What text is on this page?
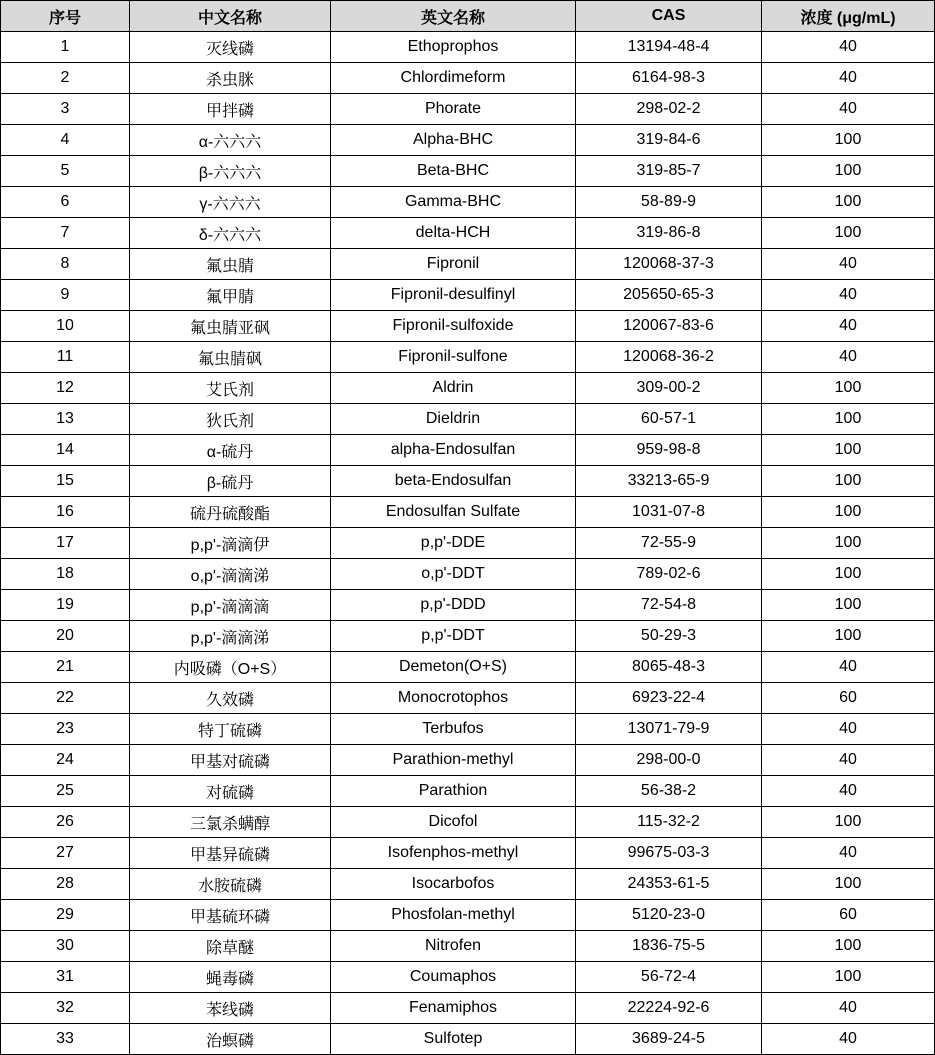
序号	中文名称	英文名称	CAS	浓度 (μg/mL)
1	灭线磷	Ethoprophos	13194-48-4	40
2	杀虫脒	Chlordimeform	6164-98-3	40
3	甲拌磷	Phorate	298-02-2	40
4	α-六六六	Alpha-BHC	319-84-6	100
5	β-六六六	Beta-BHC	319-85-7	100
6	γ-六六六	Gamma-BHC	58-89-9	100
7	δ-六六六	delta-HCH	319-86-8	100
8	氟虫腈	Fipronil	120068-37-3	40
9	氟甲腈	Fipronil-desulfinyl	205650-65-3	40
10	氟虫腈亚砜	Fipronil-sulfoxide	120067-83-6	40
11	氟虫腈砜	Fipronil-sulfone	120068-36-2	40
12	艾氏剂	Aldrin	309-00-2	100
13	狄氏剂	Dieldrin	60-57-1	100
14	α-硫丹	alpha-Endosulfan	959-98-8	100
15	β-硫丹	beta-Endosulfan	33213-65-9	100
16	硫丹硫酸酯	Endosulfan Sulfate	1031-07-8	100
17	p,p'-滴滴伊	p,p'-DDE	72-55-9	100
18	o,p'-滴滴涕	o,p'-DDT	789-02-6	100
19	p,p'-滴滴滴	p,p'-DDD	72-54-8	100
20	p,p'-滴滴涕	p,p'-DDT	50-29-3	100
21	内吸磷（O+S）	Demeton(O+S)	8065-48-3	40
22	久效磷	Monocrotophos	6923-22-4	60
23	特丁硫磷	Terbufos	13071-79-9	40
24	甲基对硫磷	Parathion-methyl	298-00-0	40
25	对硫磷	Parathion	56-38-2	40
26	三氯杀螨醇	Dicofol	115-32-2	100
27	甲基异硫磷	Isofenphos-methyl	99675-03-3	40
28	水胺硫磷	Isocarbofos	24353-61-5	100
29	甲基硫环磷	Phosfolan-methyl	5120-23-0	60
30	除草醚	Nitrofen	1836-75-5	100
31	蝇毒磷	Coumaphos	56-72-4	100
32	苯线磷	Fenamiphos	22224-92-6	40
33	治螟磷	Sulfotep	3689-24-5	40
